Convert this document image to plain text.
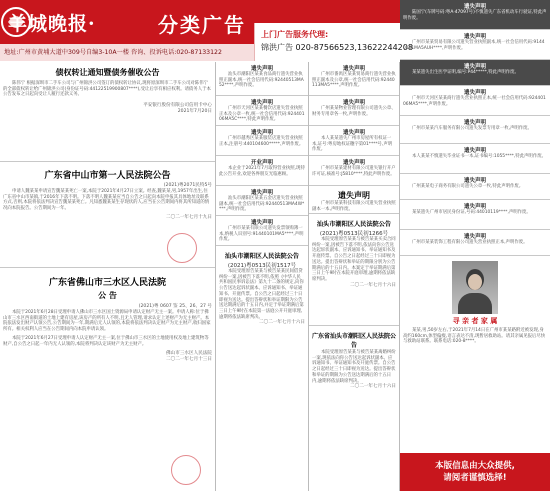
羊城晚报·	分类广告
地址:广州市黄埔大道中309号自编3-10A一楼 咨询、投诉电话:020-87133122
上门广告服务代理:
锦洪广告 020-87566523,13622244208
债权转让通知暨债务催收公告
陈伟宁 根据深圳市二手车公司与广州锦洪公司签订的债权转让协议,现将原深圳市二手车公司对陈伟宁的全部债权转让给广州锦洪公司(身份证号码:44122519900807****),受让后享有相应权利。请债务人于本公告发布之日起向受让人履行还款义务。
平安银行股份有限公司信用卡中心
2021年7月20日
广东省中山市第一人民法院公告
(2021)粤2071民特5号
申请人魏某某申请宣告魏某某死亡一案,本院于2021年4月27日立案。经查,魏某某,男,1957年出生,住广东省中山市某镇,于2016年下落不明。下落不明人魏某某应当自公告之日起向本院申报其具体地址及联系方式,否则,本院将依法判决宣告魏某某死亡。凡知悉魏某某生存现状的人,应当在公告期间内将其所知道的情况向本院报告。公告期间为一年。
二〇二一年七月十九日
广东省佛山市三水区人民法院
公 告
(2021)粤 0607 鉴 25、26、27 号
本院于2021年6月28日受理申请人佛山市三水区国土资源局申请认定财产无主一案。申请人称:位于佛山市三水区西南街道的土地上建有房屋,该房产的所有人不明,且无人管理,请求认定上述财产为无主财产。本院依法发出财产认领公告,公告期间为一年,期满后无人认领的,本院将依法判决认定财产为无主财产,收归国家所有。相关权利人应当在公告期间内向本院申请认领。
本院于2021年6月27日受理申请人认定财产无主一案,位于佛山市三水区的土地使用权及地上建筑物等财产,自公告之日起一年内无人认领的,本院将判决认定该财产为无主财产。
佛山市三水区人民法院
二〇二一年七月十三日
遗失声明
汕头市潮阳区某某食品商行遗失营业执照正副本,统一社会信用代码:92440513MA52****,声明作废。
遗失声明
广州市天河区某某餐饮店遗失营业执照正本及公章一枚,统一社会信用代码:92440106MA5C****,特此声明作废。
遗失声明
广州市越秀区某某服装店遗失营业执照正本,注册号:440104600*****,声明作废。
开业声明
本企业于2021年7月取得营业执照,现特此公告开业,欢迎各界朋友光临惠顾。
遗失声明
汕头市潮阳区某某五金店遗失营业执照副本,统一社会信用代码:92440513MA4W****,声明作废。
遗失声明
广州市某某有限公司遗失发票领购簿一本,纳税人识别号:91440101MA5****,声明作废。
汕头市潮阳区人民法院公告
(2021)粤0513民初1517号
本院受理原告某某与被告某某民间借贷纠纷一案,因被告下落不明,依照《中华人民共和国民事诉讼法》第九十二条的规定,向你公告送达起诉状副本、应诉通知书、举证通知书、开庭传票。自公告之日起经过三十日即视为送达。提出答辩状和举证期限为公告送达期满后的十五日内,并定于举证期满后第三日上午9时在本院第一法庭公开开庭审理,逾期将依法缺席判决。
二〇二一年七月十六日
遗失声明
广州市番禺区某某贸易商行遗失营业执照正副本及公章,统一社会信用代码:92440113MA5****,声明作废。
遗失声明
广州某某物业管理有限公司遗失公章、财务专用章各一枚,声明作废。
遗失声明
本人某某遗失广州市房屋所有权证一本,证号:粤房地权证穗字第01****号,声明作废。
遗失声明
广州市某某建材有限公司遗失银行开户许可证,核准号:J5810****,特此声明作废。
遗失声明
广州市某某科技有限公司遗失营业执照副本一本,声明作废。
汕头市潮阳区人民法院公告
(2021)粤0513民初1266号
本院受理原告某某与被告某某买卖合同纠纷一案,因被告下落不明,依法向你公告送达起诉状副本、应诉通知书、举证通知书及开庭传票。自公告之日起经过三十日即视为送达。提出答辩状和举证的期限分别为公告期满后的十五日内。本案定于举证期满后第三日上午9时在本院开庭审理,逾期将依法缺席判决。
二〇二一年七月十六日
广东省汕头市潮阳区人民法院公告
本院受理原告某某与被告某某离婚纠纷一案,现依法向你公告送达起诉状副本、应诉通知书、举证通知书及开庭传票。自公告之日起经过三十日即视为送达。提出答辩状和举证的期限为公告送达期满后的十五日内,逾期将依法缺席判决。
二〇二一年七月十六日
遗失声明
陆国宁(车牌号码:粤A·47097号)不慎遗失广东省机动车行驶证,特此声明作废。
遗失声明
广州市某某贸易有限公司遗失营业执照副本,统一社会信用代码:91440101MA5AUH****,声明作废。
遗失声明
某某遗失出生医学证明,编号:P44*****,特此声明作废。
遗失声明
广州市天河区某某商行遗失营业执照正本,统一社会信用代码:92440106MA5****,声明作废。
遗失声明
广州市某某汽车服务有限公司遗失发票专用章一枚,声明作废。
遗失声明
本人某某不慎遗失毕业证书一本,证书编号:1055****,特此声明作废。
遗失声明
广州某某电子商务有限公司遗失公章一枚,特此声明作废。
遗失声明
某某遗失广州市居民身份证,号码:44010119****,声明作废。
遗失声明
广州市某某装饰工程有限公司遗失营业执照正本,声明作废。
寻 亲 者 家 属
某某,男,50岁左右,于2021年7月14日在广州市某某路附近被发现,身高约160cm,体型偏瘦,语言表达不清,现暂居救助站。请其亲属见报后尽快与救助站联系。联系电话:020-8****。
本版信息由大众提供,
请阅者谨慎选择!
